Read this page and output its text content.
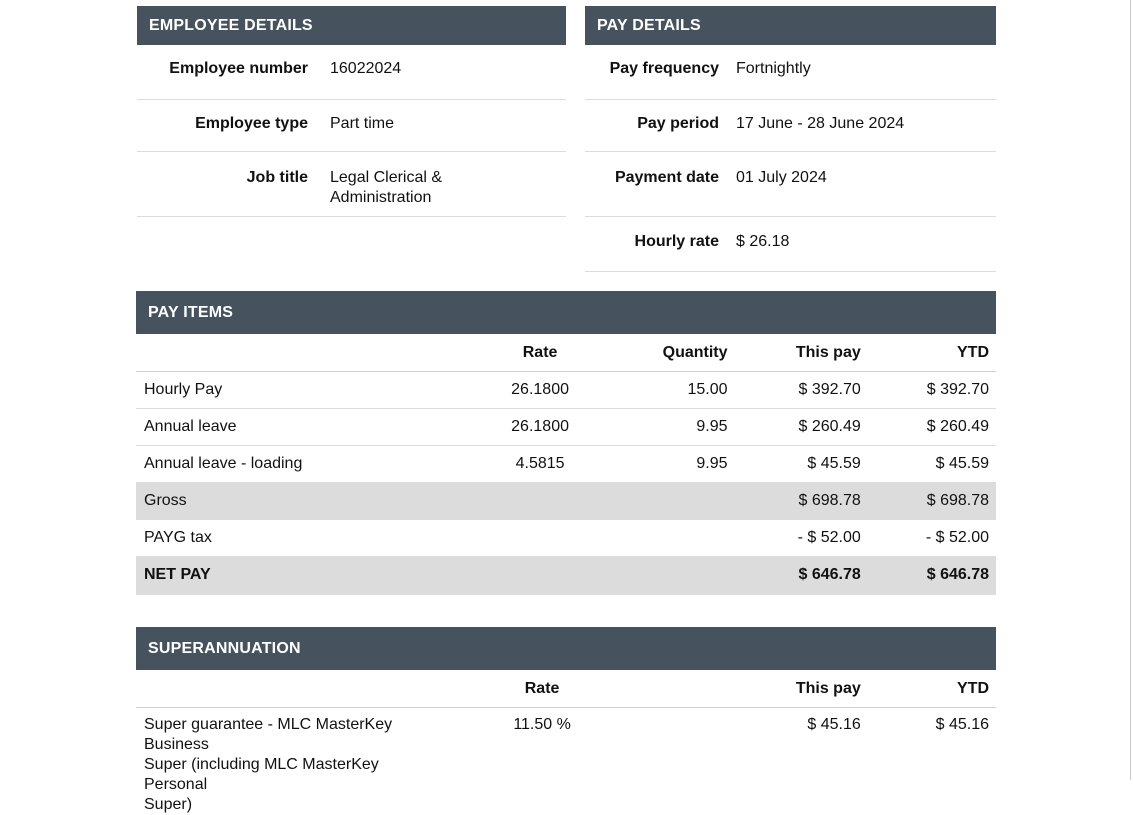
EMPLOYEE DETAILS
Employee number 16022024
Employee type Part time
Job title Legal Clerical &
Administration
PAY DETAILS
Pay frequency Fortnightly
Pay period 17 June - 28 June 2024
Payment date 01 July 2024
Hourly rate $ 26.18
PAY ITEMS
	Rate	Quantity	This pay	YTD
Hourly Pay	26.1800	15.00	$ 392.70	$ 392.70
Annual leave	26.1800	9.95	$ 260.49	$ 260.49
Annual leave - loading	4.5815	9.95	$ 45.59	$ 45.59
Gross			$ 698.78	$ 698.78
PAYG tax			- $ 52.00	- $ 52.00
NET PAY			$ 646.78	$ 646.78
SUPERANNUATION
	Rate		This pay	YTD

Super guarantee - MLC MasterKey Business
Super (including MLC MasterKey Personal
Super)	11.50 %		$ 45.16	$ 45.16
